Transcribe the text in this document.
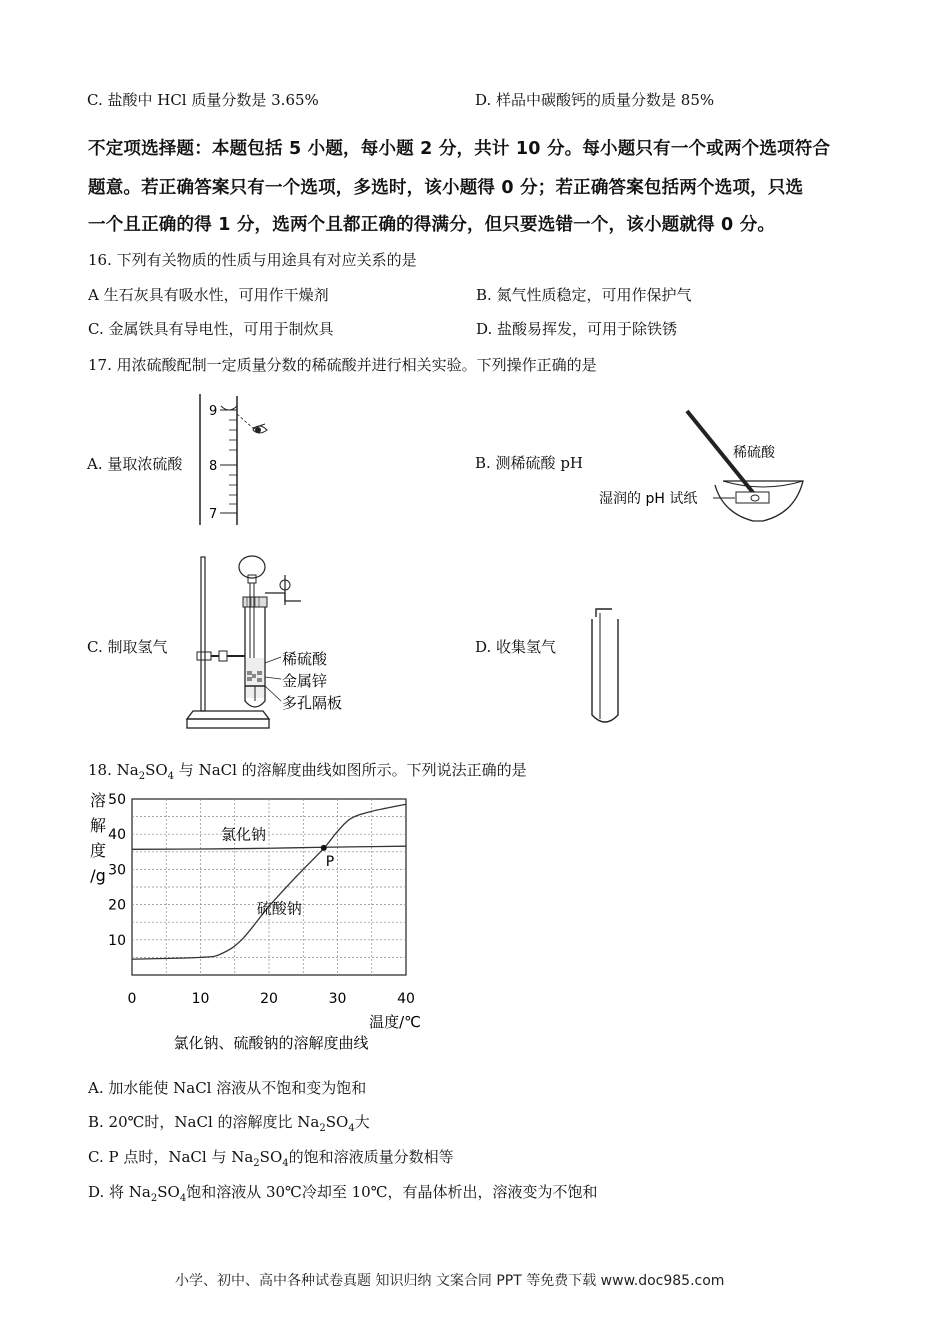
C. 盐酸中 HCl 质量分数是 3.65%	D. 样品中碳酸钙的质量分数是 85%
不定项选择题：本题包括 5 小题，每小题 2 分，共计 10 分。每小题只有一个或两个选项符合
题意。若正确答案只有一个选项，多选时，该小题得 0 分；若正确答案包括两个选项，只选
一个且正确的得 1 分，选两个且都正确的得满分，但只要选错一个，该小题就得 0 分。
16. 下列有关物质的性质与用途具有对应关系的是
A 生石灰具有吸水性，可用作干燥剂	B. 氮气性质稳定，可用作保护气
C. 金属铁具有导电性，可用于制炊具	D. 盐酸易挥发，可用于除铁锈
17. 用浓硫酸配制一定质量分数的稀硫酸并进行相关实验。下列操作正确的是
A. 量取浓硫酸	B. 测稀硫酸 pH
C. 制取氢气	D. 收集氢气
9
8
7
稀硫酸
湿润的 pH 试纸
稀硫酸
金属锌
多孔隔板
18. $Na_2SO_4$ 与 NaCl 的溶解度曲线如图所示。下列说法正确的是
10
20
30
40
50
0	10	20	30	40
溶
解
度
/g
温度/℃
氯化钠、硫酸钠的溶解度曲线
氯化钠
硫酸钠
P
A. 加水能使 NaCl 溶液从不饱和变为饱和
B. 20℃时，NaCl 的溶解度比 $Na_2SO_4$大
C. P 点时，NaCl 与 $Na_2SO_4$的饱和溶液质量分数相等
D. 将 $Na_2SO_4$饱和溶液从 30℃冷却至 10℃，有晶体析出，溶液变为不饱和
小学、初中、高中各种试卷真题 知识归纳 文案合同 PPT 等免费下载 www.doc985.com
